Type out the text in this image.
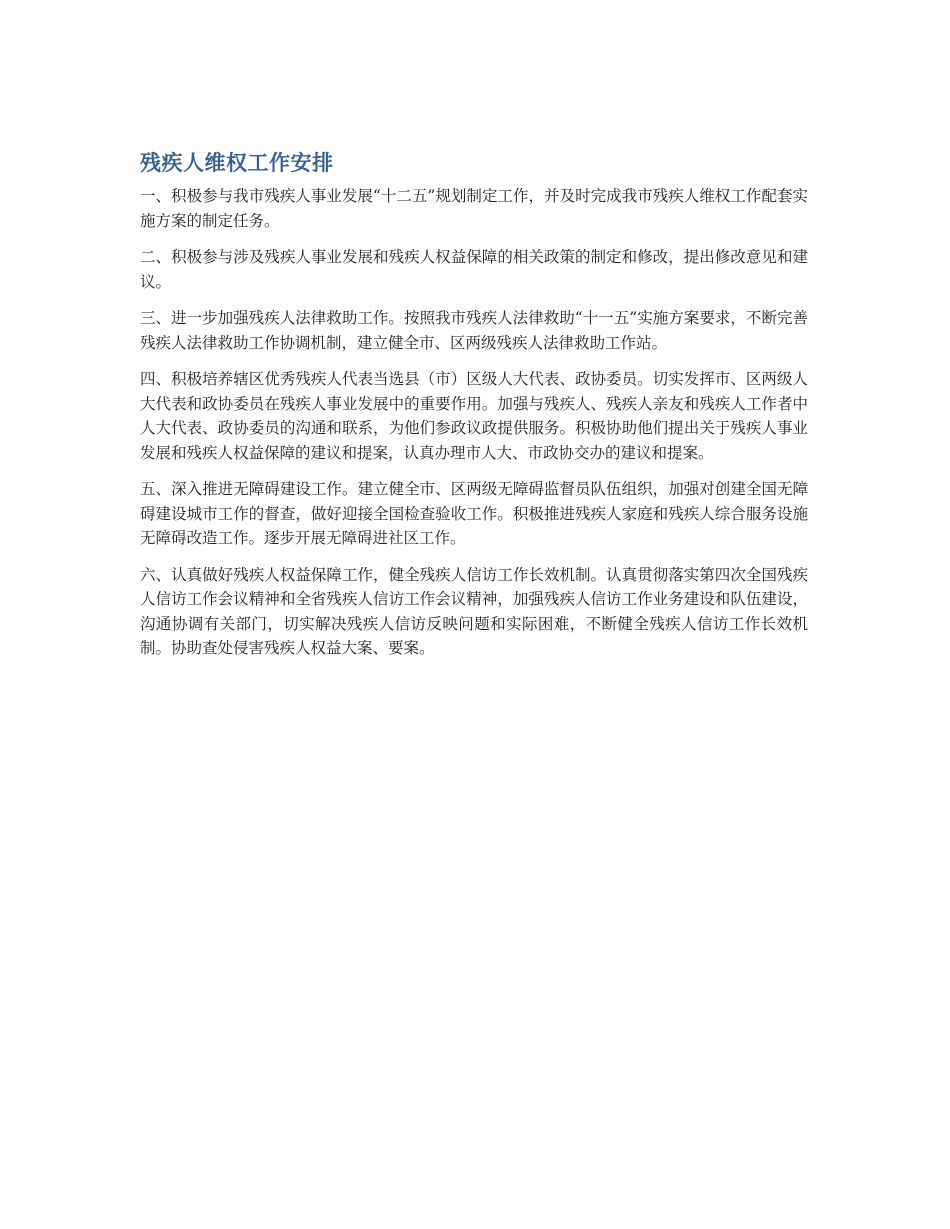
残疾人维权工作安排

一、积极参与我市残疾人事业发展“十二五”规划制定工作，并及时完成我市残疾人维权工作配套实施方案的制定任务。

二、积极参与涉及残疾人事业发展和残疾人权益保障的相关政策的制定和修改，提出修改意见和建议。

三、进一步加强残疾人法律救助工作。按照我市残疾人法律救助“十一五”实施方案要求，不断完善残疾人法律救助工作协调机制，建立健全市、区两级残疾人法律救助工作站。

四、积极培养辖区优秀残疾人代表当选县（市）区级人大代表、政协委员。切实发挥市、区两级人大代表和政协委员在残疾人事业发展中的重要作用。加强与残疾人、残疾人亲友和残疾人工作者中人大代表、政协委员的沟通和联系，为他们参政议政提供服务。积极协助他们提出关于残疾人事业发展和残疾人权益保障的建议和提案，认真办理市人大、市政协交办的建议和提案。

五、深入推进无障碍建设工作。建立健全市、区两级无障碍监督员队伍组织，加强对创建全国无障碍建设城市工作的督查，做好迎接全国检查验收工作。积极推进残疾人家庭和残疾人综合服务设施无障碍改造工作。逐步开展无障碍进社区工作。

六、认真做好残疾人权益保障工作，健全残疾人信访工作长效机制。认真贯彻落实第四次全国残疾人信访工作会议精神和全省残疾人信访工作会议精神，加强残疾人信访工作业务建设和队伍建设，沟通协调有关部门，切实解决残疾人信访反映问题和实际困难，不断健全残疾人信访工作长效机制。协助查处侵害残疾人权益大案、要案。
